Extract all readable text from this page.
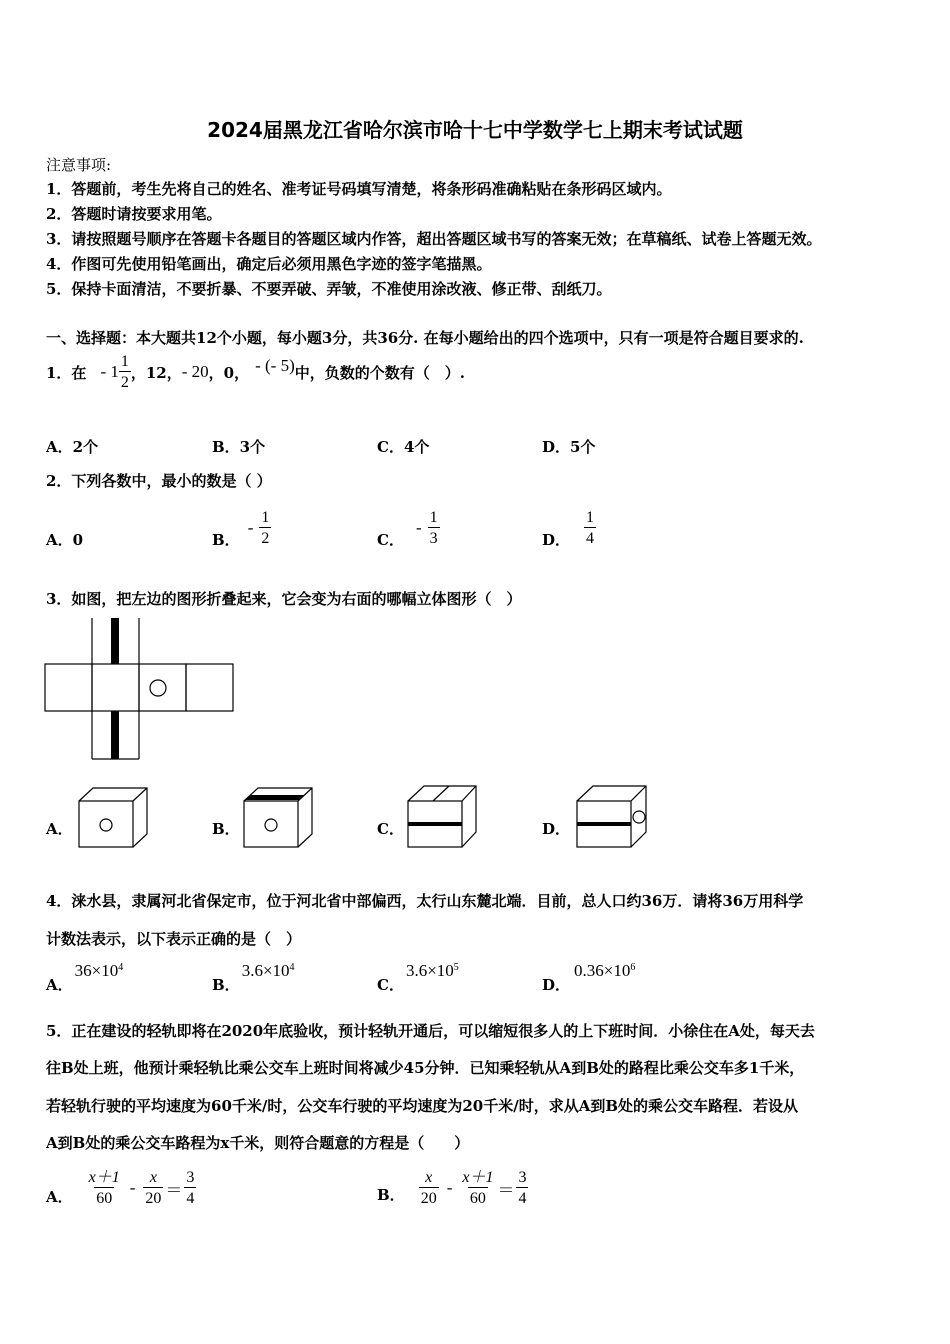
2024届黑龙江省哈尔滨市哈十七中学数学七上期末考试试题
注意事项:
1．答题前，考生先将自己的姓名、准考证号码填写清楚，将条形码准确粘贴在条形码区域内。
2．答题时请按要求用笔。
3．请按照题号顺序在答题卡各题目的答题区域内作答，超出答题区域书写的答案无效；在草稿纸、试卷上答题无效。
4．作图可先使用铅笔画出，确定后必须用黑色字迹的签字笔描黑。
5．保持卡面清洁，不要折暴、不要弄破、弄皱，不准使用涂改液、修正带、刮纸刀。
一、选择题：本大题共12个小题，每小题3分，共36分. 在每小题给出的四个选项中，只有一项是符合题目要求的.
1．在 - $1 \frac{1}{2}$ ，12， - 20 ，0， - (- 5) 中，负数的个数有（　）.
A．2个	B．3个	C．4个	D．5个
2．下列各数中，最小的数是（ ）
A．0	B．
- $\frac{1}{2}$	C．
- $\frac{1}{3}$	D． $\frac{1}{4}$
3．如图，把左边的图形折叠起来，它会变为右面的哪幅立体图形（　）
A．	B．	C．	D．
4．涞水县，隶属河北省保定市，位于河北省中部偏西，太行山东麓北端．目前，总人口约36万．请将36万用科学
计数法表示，以下表示正确的是（　）
A．$36\times 10^4$
B．$3.6\times 10^4$
C．$3.6\times 10^5$
D．$0.36\times 10^6$
5．正在建设的轻轨即将在2020年底验收，预计轻轨开通后，可以缩短很多人的上下班时间．小徐住在A处，每天去
往B处上班，他预计乘轻轨比乘公交车上班时间将减少45分钟．已知乘轻轨从A到B处的路程比乘公交车多1千米，
若轻轨行驶的平均速度为60千米/时，公交车行驶的平均速度为20千米/时，求从A到B处的乘公交车路程．若设从
A到B处的乘公交车路程为x千米，则符合题意的方程是（　　）
A． $\frac{x+1}{60} - \frac{x}{20} = \frac{3}{4}$	B． $\frac{x}{20} - \frac{x+1}{60} = \frac{3}{4}$
